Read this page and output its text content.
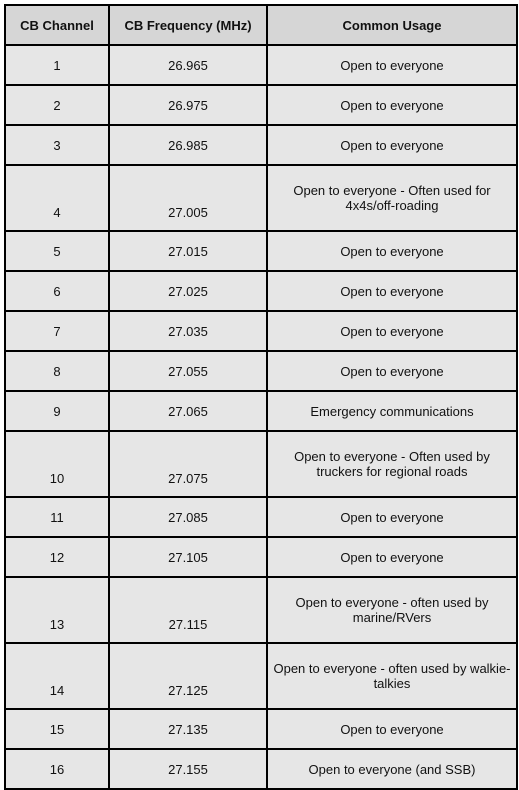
CB Channel	CB Frequency (MHz)	Common Usage
1	26.965	Open to everyone
2	26.975	Open to everyone
3	26.985	Open to everyone
4	27.005	Open to everyone - Often used for 4x4s/off-roading
5	27.015	Open to everyone
6	27.025	Open to everyone
7	27.035	Open to everyone
8	27.055	Open to everyone
9	27.065	Emergency communications
10	27.075	Open to everyone - Often used by truckers for regional roads
11	27.085	Open to everyone
12	27.105	Open to everyone
13	27.115	Open to everyone - often used by marine/RVers
14	27.125	Open to everyone - often used by walkie-talkies
15	27.135	Open to everyone
16	27.155	Open to everyone (and SSB)
